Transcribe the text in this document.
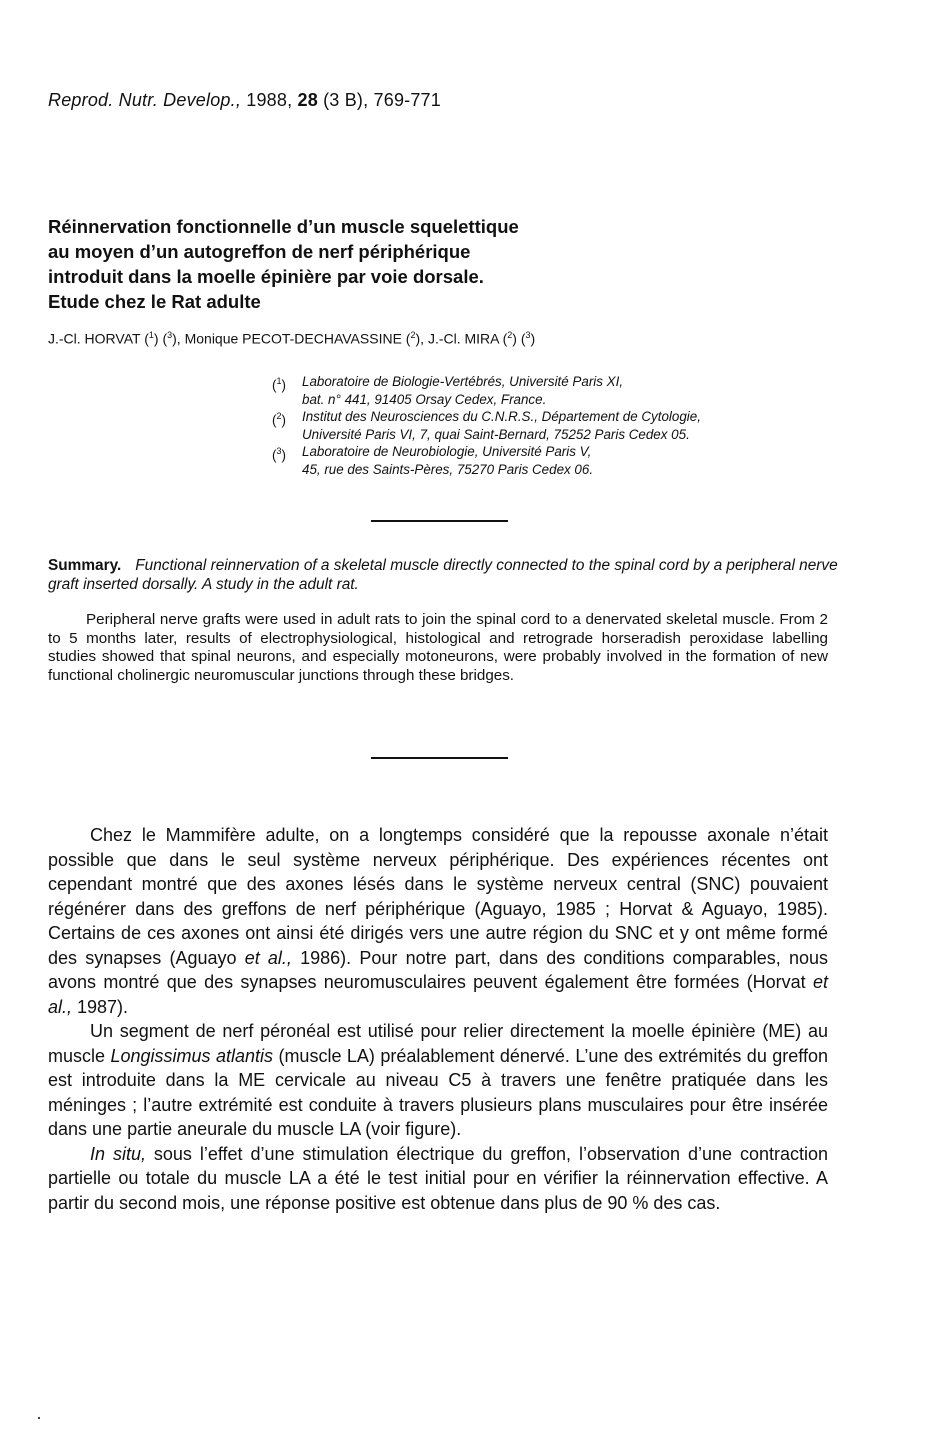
Reprod. Nutr. Develop., 1988, 28 (3 B), 769-771
Réinnervation fonctionnelle d’un muscle squelettique
au moyen d’un autogreffon de nerf périphérique
introduit dans la moelle épinière par voie dorsale.
Etude chez le Rat adulte
J.-Cl. HORVAT ($^1$) ($^3$), Monique PECOT-DECHAVASSINE ($^2$), J.-Cl. MIRA ($^2$) ($^3$)
($^1$) Laboratoire de Biologie-Vertébrés, Université Paris XI,
bat. n° 441, 91405 Orsay Cedex, France.
($^2$) Institut des Neurosciences du C.N.R.S., Département de Cytologie,
Université Paris VI, 7, quai Saint-Bernard, 75252 Paris Cedex 05.
($^3$) Laboratoire de Neurobiologie, Université Paris V,
45, rue des Saints-Pères, 75270 Paris Cedex 06.
Summary. Functional reinnervation of a skeletal muscle directly connected to the spinal cord by a peripheral nerve graft inserted dorsally. A study in the adult rat.

Peripheral nerve grafts were used in adult rats to join the spinal cord to a denervated skeletal muscle. From 2 to 5 months later, results of electrophysiological, histological and retrograde horseradish peroxidase labelling studies showed that spinal neurons, and especially motoneurons, were probably involved in the formation of new functional cholinergic neuromuscular junctions through these bridges.

Chez le Mammifère adulte, on a longtemps considéré que la repousse axonale n’était possible que dans le seul système nerveux périphérique. Des expériences récentes ont cependant montré que des axones lésés dans le système nerveux central (SNC) pouvaient régénérer dans des greffons de nerf périphérique (Aguayo, 1985 ; Horvat & Aguayo, 1985). Certains de ces axones ont ainsi été dirigés vers une autre région du SNC et y ont même formé des synapses (Aguayo et al., 1986). Pour notre part, dans des conditions comparables, nous avons montré que des synapses neuromusculaires peuvent également être formées (Horvat et al., 1987).

Un segment de nerf péronéal est utilisé pour relier directement la moelle épinière (ME) au muscle Longissimus atlantis (muscle LA) préalablement dénervé. L’une des extrémités du greffon est introduite dans la ME cervicale au niveau C5 à travers une fenêtre pratiquée dans les méninges ; l’autre extrémité est conduite à travers plusieurs plans musculaires pour être insérée dans une partie aneurale du muscle LA (voir figure).

In situ, sous l’effet d’une stimulation électrique du greffon, l’observation d’une contraction partielle ou totale du muscle LA a été le test initial pour en vérifier la réinnervation effective. A partir du second mois, une réponse positive est obtenue dans plus de 90 % des cas.
